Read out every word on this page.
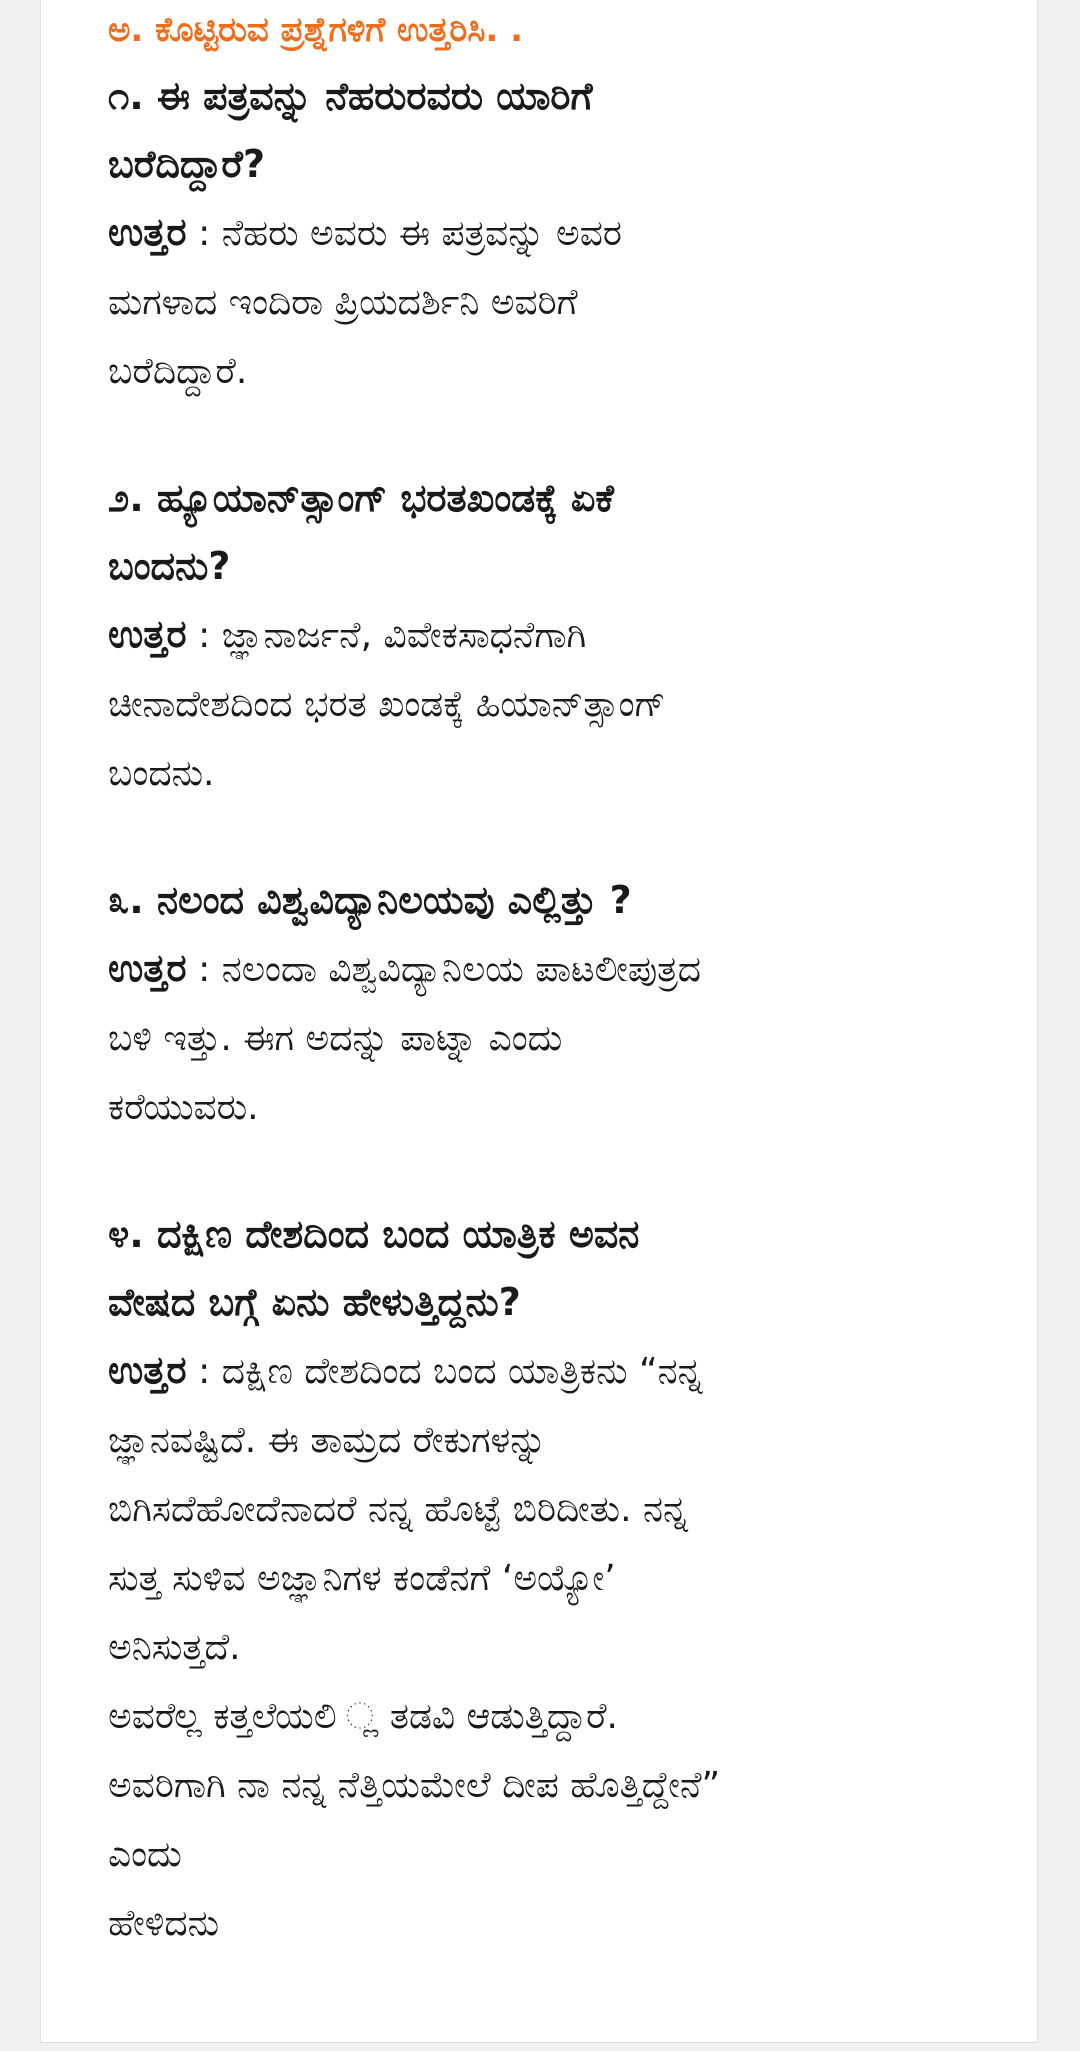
ಅ. ಕೊಟ್ಟಿರುವ ಪ್ರಶ್ನೆಗಳಿಗೆ ಉತ್ತರಿಸಿ. .

೧. ಈ ಪತ್ರವನ್ನು ನೆಹರುರವರು ಯಾರಿಗೆ
ಬರೆದಿದ್ದಾರೆ?

ಉತ್ತರ : ನೆಹರು ಅವರು ಈ ಪತ್ರವನ್ನು ಅವರ
ಮಗಳಾದ ಇಂದಿರಾ ಪ್ರಿಯದರ್ಶಿನಿ ಅವರಿಗೆ
ಬರೆದಿದ್ದಾರೆ.

೨. ಹ್ಯೂಯಾನ್‌ತ್ಸಾಂಗ್ ಭರತಖಂಡಕ್ಕೆ ಏಕೆ
ಬಂದನು?

ಉತ್ತರ : ಜ್ಞಾನಾರ್ಜನೆ, ವಿವೇಕಸಾಧನೆಗಾಗಿ
ಚೀನಾದೇಶದಿಂದ ಭರತ ಖಂಡಕ್ಕೆ ಹಿಯಾನ್‌ತ್ಸಾಂಗ್
ಬಂದನು.

೩. ನಲಂದ ವಿಶ್ವವಿದ್ಯಾನಿಲಯವು ಎಲ್ಲಿತ್ತು ?

ಉತ್ತರ : ನಲಂದಾ ವಿಶ್ವವಿದ್ಯಾನಿಲಯ ಪಾಟಲೀಪುತ್ರದ
ಬಳಿ ಇತ್ತು. ಈಗ ಅದನ್ನು ಪಾಟ್ನಾ ಎಂದು
ಕರೆಯುವರು.

೪. ದಕ್ಷಿಣ ದೇಶದಿಂದ ಬಂದ ಯಾತ್ರಿಕ ಅವನ
ವೇಷದ ಬಗ್ಗೆ ಏನು ಹೇಳುತ್ತಿದ್ದನು?

ಉತ್ತರ : ದಕ್ಷಿಣ ದೇಶದಿಂದ ಬಂದ ಯಾತ್ರಿಕನು “ನನ್ನ
ಜ್ಞಾನವಷ್ಟಿದೆ. ಈ ತಾಮ್ರದ ರೇಕುಗಳನ್ನು
ಬಿಗಿಸದೆಹೋದೆನಾದರೆ ನನ್ನ ಹೊಟ್ಟೆ ಬಿರಿದೀತು. ನನ್ನ
ಸುತ್ತ ಸುಳಿವ ಅಜ್ಞಾನಿಗಳ ಕಂಡೆನಗೆ ‘ಅಯ್ಯೋ’
ಅನಿಸುತ್ತದೆ.
ಅವರೆಲ್ಲ ಕತ್ತಲೆಯಲಿ ್ಲ ತಡವಿ ಆಡುತ್ತಿದ್ದಾರೆ.
ಅವರಿಗಾಗಿ ನಾ ನನ್ನ ನೆತ್ತಿಯಮೇಲೆ ದೀಪ ಹೊತ್ತಿದ್ದೇನೆ”
ಎಂದು
ಹೇಳಿದನು
